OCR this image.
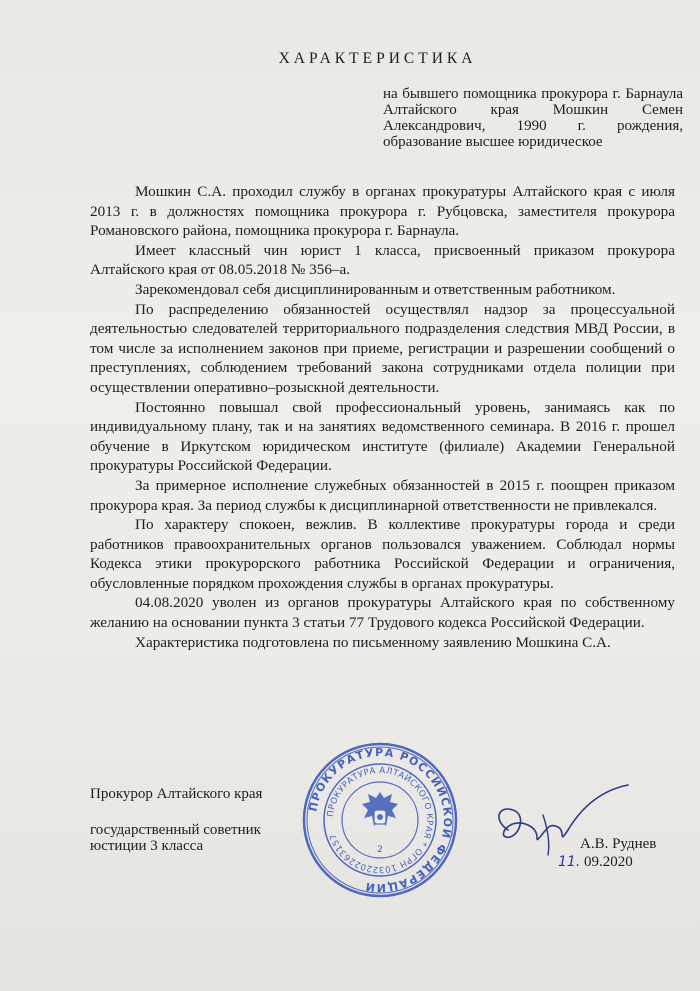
ХАРАКТЕРИСТИКА
на бывшего помощника прокурора г. Барнаула Алтайского края Мошкин Семен Александрович, 1990 г. рождения, образование высшее юридическое

Мошкин С.А. проходил службу в органах прокуратуры Алтайского края с июля 2013 г. в должностях помощника прокурора г. Рубцовска, заместителя прокурора Романовского района, помощника прокурора г. Барнаула.

Имеет классный чин юрист 1 класса, присвоенный приказом прокурора Алтайского края от 08.05.2018 № 356–а.

Зарекомендовал себя дисциплинированным и ответственным работником.

По распределению обязанностей осуществлял надзор за процессуальной деятельностью следователей территориального подразделения следствия МВД России, в том числе за исполнением законов при приеме, регистрации и разрешении сообщений о преступлениях, соблюдением требований закона сотрудниками отдела полиции при осуществлении оперативно–розыскной деятельности.

Постоянно повышал свой профессиональный уровень, занимаясь как по индивидуальному плану, так и на занятиях ведомственного семинара. В 2016 г. прошел обучение в Иркутском юридическом институте (филиале) Академии Генеральной прокуратуры Российской Федерации.

За примерное исполнение служебных обязанностей в 2015 г. поощрен приказом прокурора края. За период службы к дисциплинарной ответственности не привлекался.

По характеру спокоен, вежлив. В коллективе прокуратуры города и среди работников правоохранительных органов пользовался уважением. Соблюдал нормы Кодекса этики прокурорского работника Российской Федерации и ограничения, обусловленные порядком прохождения службы в органах прокуратуры.

04.08.2020 уволен из органов прокуратуры Алтайского края по собственному желанию на основании пункта 3 статьи 77 Трудового кодекса Российской Федерации.

Характеристика подготовлена по письменному заявлению Мошкина С.А.

Прокурор Алтайского края
государственный советник
юстиции 3 класса
ПРОКУРАТУРА РОССИЙСКОЙ ФЕДЕРАЦИИ
ПРОКУРАТУРА АЛТАЙСКОГО КРАЯ * ОГРН 1032202263157
2	А.В. Руднев
11. 09.2020
